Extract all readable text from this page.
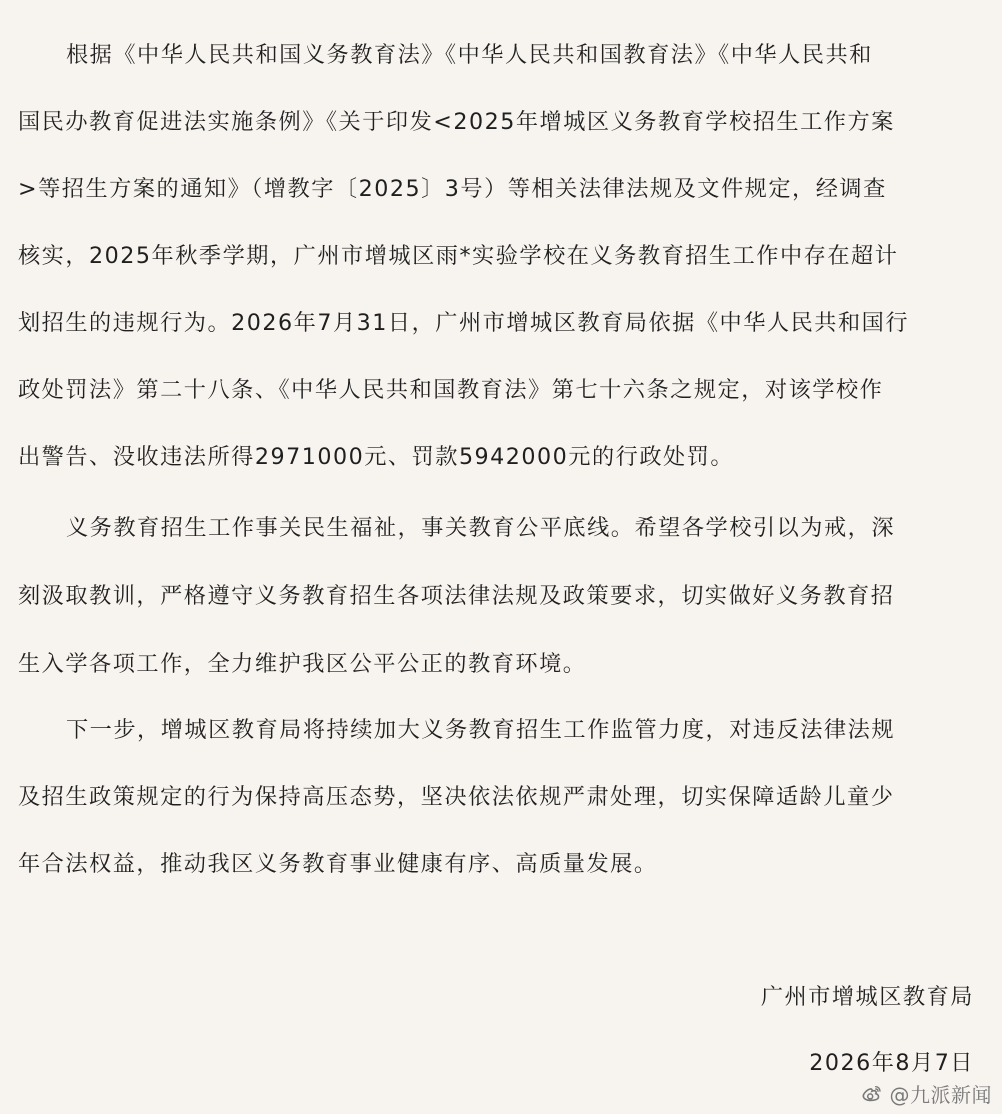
根据《中华人民共和国义务教育法》《中华人民共和国教育法》《中华人民共和
国民办教育促进法实施条例》《关于印发<2025年增城区义务教育学校招生工作方案
>等招生方案的通知》（增教字〔2025〕3号）等相关法律法规及文件规定，经调查
核实，2025年秋季学期，广州市增城区雨*实验学校在义务教育招生工作中存在超计
划招生的违规行为。2026年7月31日，广州市增城区教育局依据《中华人民共和国行
政处罚法》第二十八条、《中华人民共和国教育法》第七十六条之规定，对该学校作
出警告、没收违法所得2971000元、罚款5942000元的行政处罚。
义务教育招生工作事关民生福祉，事关教育公平底线。希望各学校引以为戒，深
刻汲取教训，严格遵守义务教育招生各项法律法规及政策要求，切实做好义务教育招
生入学各项工作，全力维护我区公平公正的教育环境。
下一步，增城区教育局将持续加大义务教育招生工作监管力度，对违反法律法规
及招生政策规定的行为保持高压态势，坚决依法依规严肃处理，切实保障适龄儿童少
年合法权益，推动我区义务教育事业健康有序、高质量发展。
广州市增城区教育局
2026年8月7日
@九派新闻
